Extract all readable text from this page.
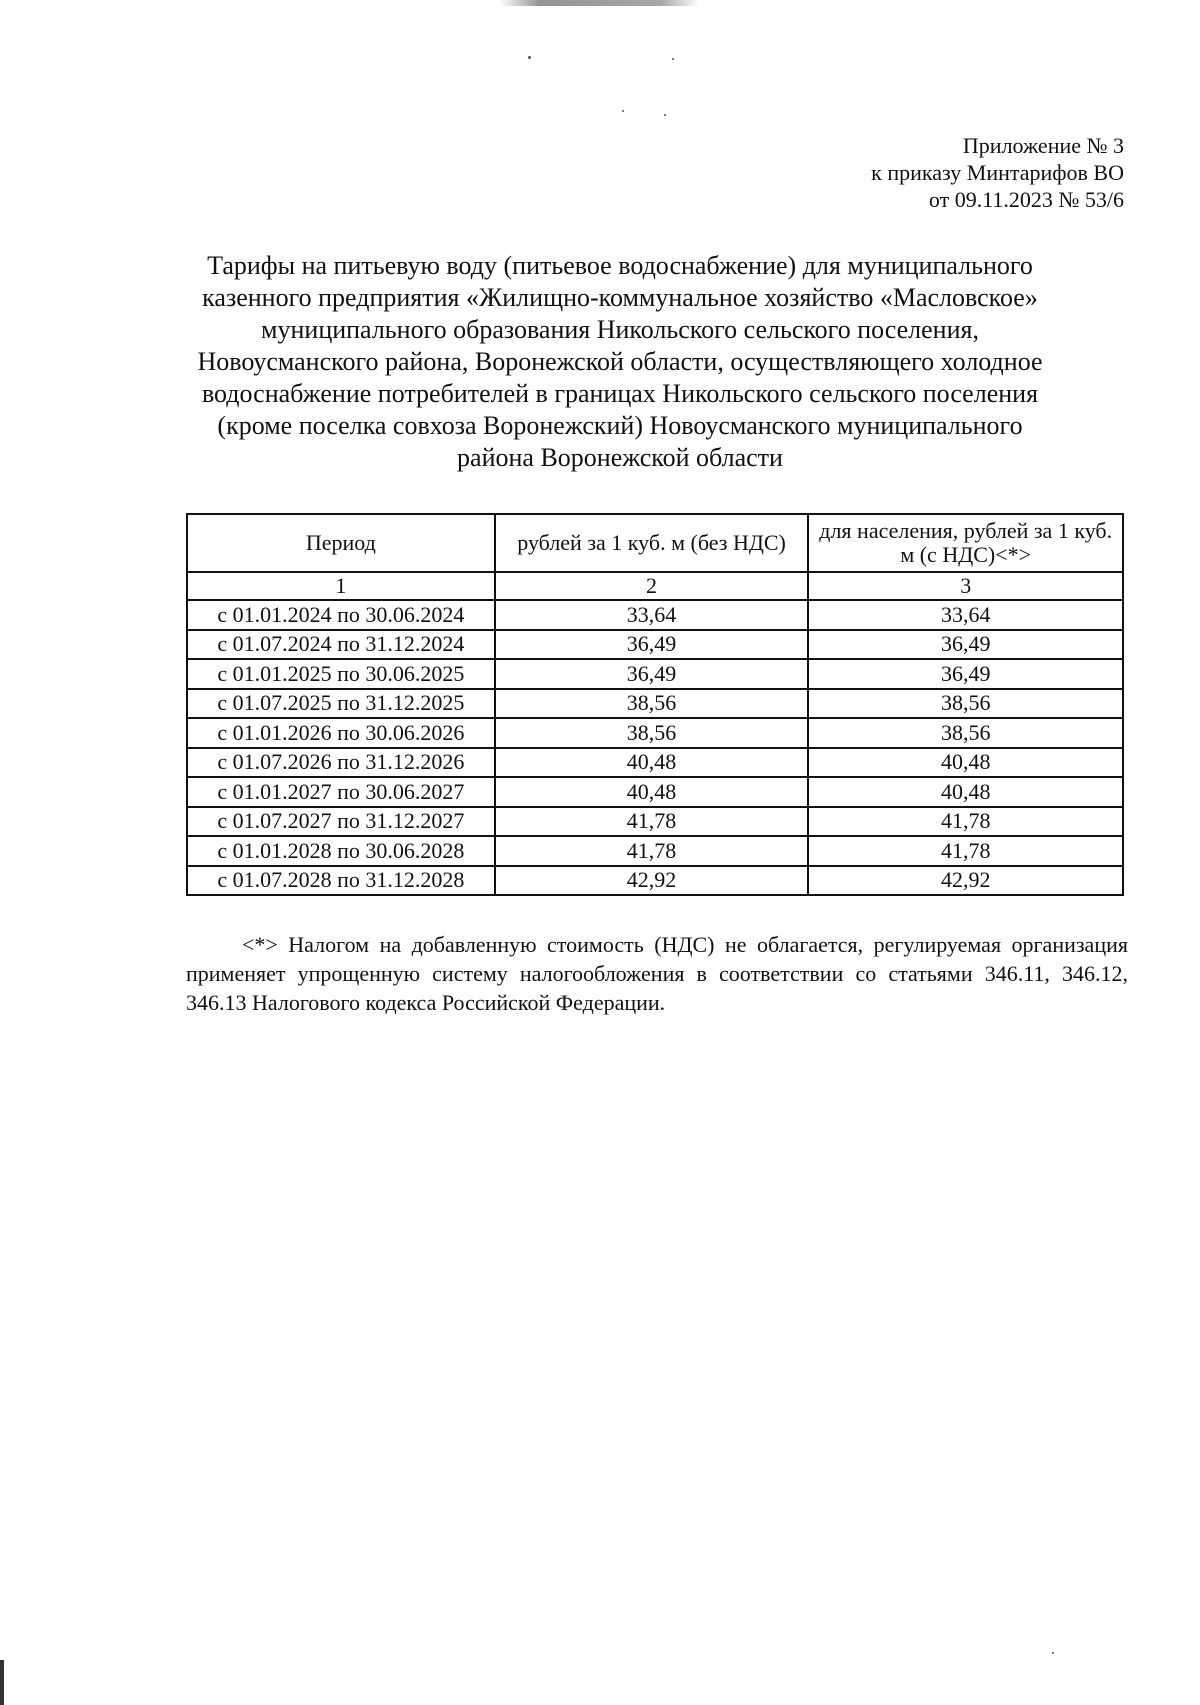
Приложение № 3
к приказу Минтарифов ВО
от 09.11.2023 № 53/6
Тарифы на питьевую воду (питьевое водоснабжение) для муниципального
казенного предприятия «Жилищно-коммунальное хозяйство «Масловское»
муниципального образования Никольского сельского поселения,
Новоусманского района, Воронежской области, осуществляющего холодное
водоснабжение потребителей в границах Никольского сельского поселения
(кроме поселка совхоза Воронежский) Новоусманского муниципального
района Воронежской области
Период	рублей за 1 куб. м (без НДС)	для населения, рублей за 1 куб. м (с НДС)<*>
1	2	3
с 01.01.2024 по 30.06.2024	33,64	33,64
с 01.07.2024 по 31.12.2024	36,49	36,49
с 01.01.2025 по 30.06.2025	36,49	36,49
с 01.07.2025 по 31.12.2025	38,56	38,56
с 01.01.2026 по 30.06.2026	38,56	38,56
с 01.07.2026 по 31.12.2026	40,48	40,48
с 01.01.2027 по 30.06.2027	40,48	40,48
с 01.07.2027 по 31.12.2027	41,78	41,78
с 01.01.2028 по 30.06.2028	41,78	41,78
с 01.07.2028 по 31.12.2028	42,92	42,92
<*> Налогом на добавленную стоимость (НДС) не облагается, регулируемая организация применяет упрощенную систему налогообложения в соответствии со статьями 346.11, 346.12, 346.13 Налогового кодекса Российской Федерации.
